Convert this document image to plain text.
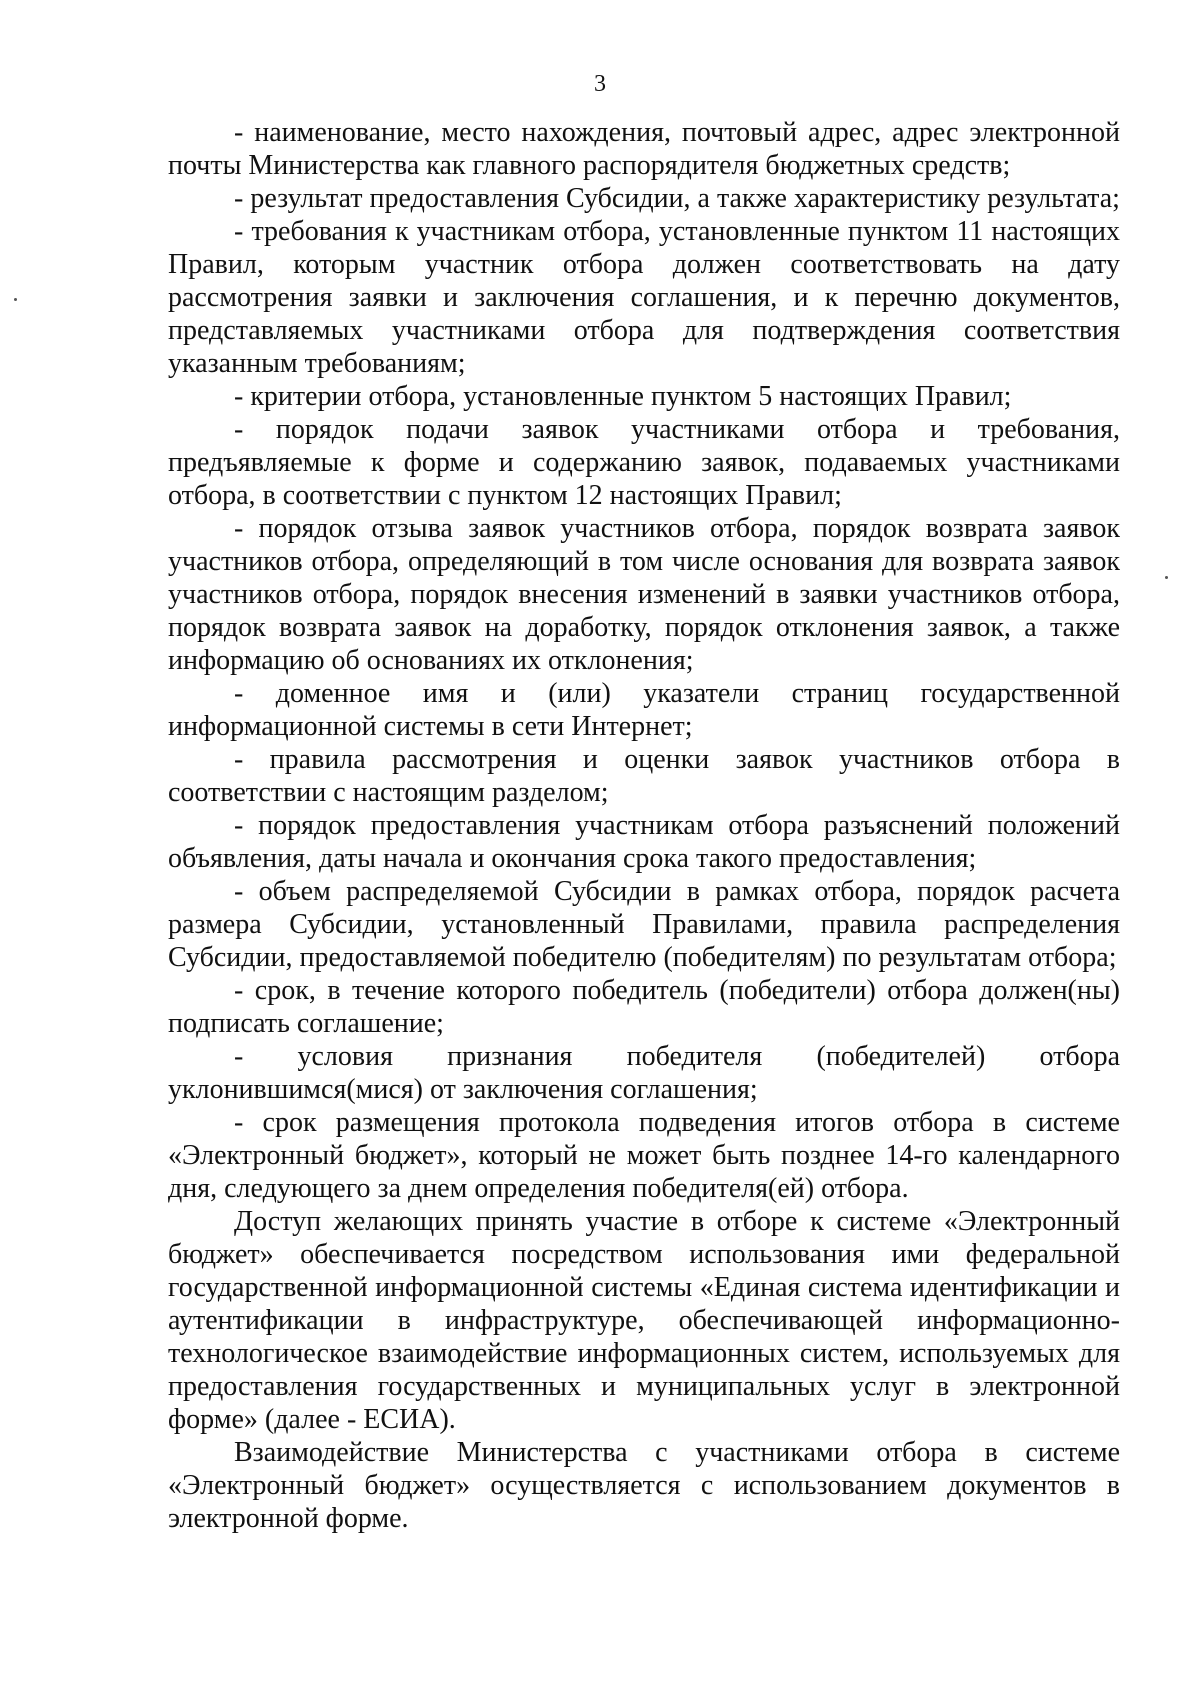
3

- наименование, место нахождения, почтовый адрес, адрес электронной почты Министерства как главного распорядителя бюджетных средств;

- результат предоставления Субсидии, а также характеристику результата;

- требования к участникам отбора, установленные пунктом 11 настоящих Правил, которым участник отбора должен соответствовать на дату рассмотрения заявки и заключения соглашения, и к перечню документов, представляемых участниками отбора для подтверждения соответствия указанным требованиям;

- критерии отбора, установленные пунктом 5 настоящих Правил;

- порядок подачи заявок участниками отбора и требования, предъявляемые к форме и содержанию заявок, подаваемых участниками отбора, в соответствии с пунктом 12 настоящих Правил;

- порядок отзыва заявок участников отбора, порядок возврата заявок участников отбора, определяющий в том числе основания для возврата заявок участников отбора, порядок внесения изменений в заявки участников отбора, порядок возврата заявок на доработку, порядок отклонения заявок, а также информацию об основаниях их отклонения;

- доменное имя и (или) указатели страниц государственной информационной системы в сети Интернет;

- правила рассмотрения и оценки заявок участников отбора в соответствии с настоящим разделом;

- порядок предоставления участникам отбора разъяснений положений объявления, даты начала и окончания срока такого предоставления;

- объем распределяемой Субсидии в рамках отбора, порядок расчета размера Субсидии, установленный Правилами, правила распределения Субсидии, предоставляемой победителю (победителям) по результатам отбора;

- срок, в течение которого победитель (победители) отбора должен(ны) подписать соглашение;

- условия признания победителя (победителей) отбора уклонившимся(мися) от заключения соглашения;

- срок размещения протокола подведения итогов отбора в системе «Электронный бюджет», который не может быть позднее 14-го календарного дня, следующего за днем определения победителя(ей) отбора.

Доступ желающих принять участие в отборе к системе «Электронный бюджет» обеспечивается посредством использования ими федеральной государственной информационной системы «Единая система идентификации и аутентификации в инфраструктуре, обеспечивающей информационно-технологическое взаимодействие информационных систем, используемых для предоставления государственных и муниципальных услуг в электронной форме» (далее - ЕСИА).

Взаимодействие Министерства с участниками отбора в системе «Электронный бюджет» осуществляется с использованием документов в электронной форме.
